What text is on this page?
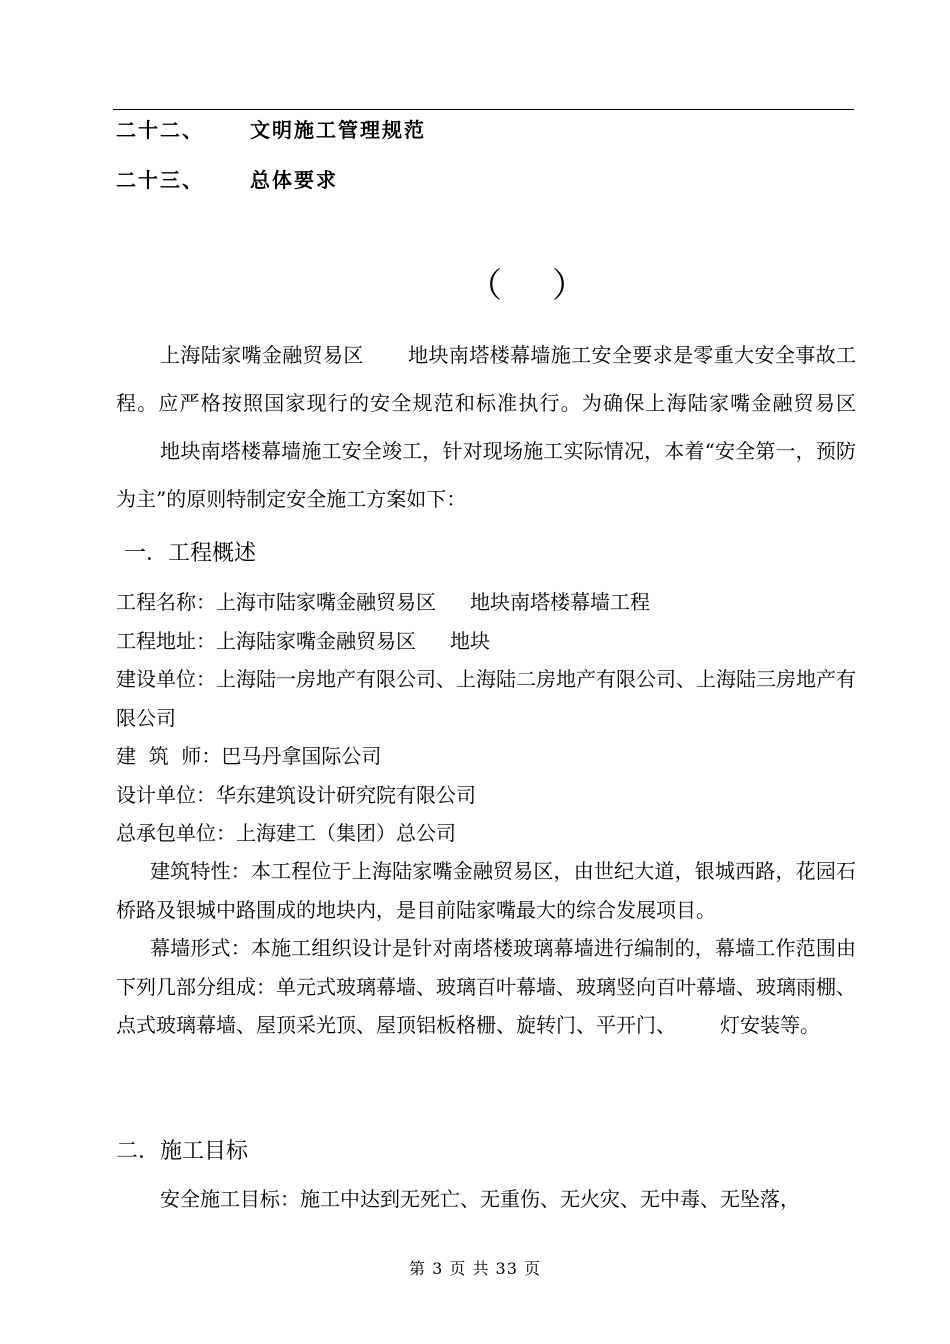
二十二、 文明施工管理规范
二十三、 总体要求
（ ）
上海陆家嘴金融贸易区 地块南塔楼幕墙施工安全要求是零重大安全事故工程。应严格按照国家现行的安全规范和标准执行。为确保上海陆家嘴金融贸易区地块南塔楼幕墙施工安全竣工，针对现场施工实际情况，本着“安全第一，预防为主”的原则特制定安全施工方案如下：
一．工程概述
工程名称：上海市陆家嘴金融贸易区 地块南塔楼幕墙工程
工程地址：上海陆家嘴金融贸易区 地块
建设单位：上海陆一房地产有限公司、上海陆二房地产有限公司、上海陆三房地产有限公司
建  筑  师：巴马丹拿国际公司
设计单位：华东建筑设计研究院有限公司
总承包单位：上海建工（集团）总公司
建筑特性：本工程位于上海陆家嘴金融贸易区，由世纪大道，银城西路，花园石桥路及银城中路围成的地块内，是目前陆家嘴最大的综合发展项目。
幕墙形式：本施工组织设计是针对南塔楼玻璃幕墙进行编制的，幕墙工作范围由下列几部分组成：单元式玻璃幕墙、玻璃百叶幕墙、玻璃竖向百叶幕墙、玻璃雨棚、点式玻璃幕墙、屋顶采光顶、屋顶铝板格栅、旋转门、平开门、 灯安装等。
二．施工目标
安全施工目标：施工中达到无死亡、无重伤、无火灾、无中毒、无坠落，
第 3 页 共 33 页
